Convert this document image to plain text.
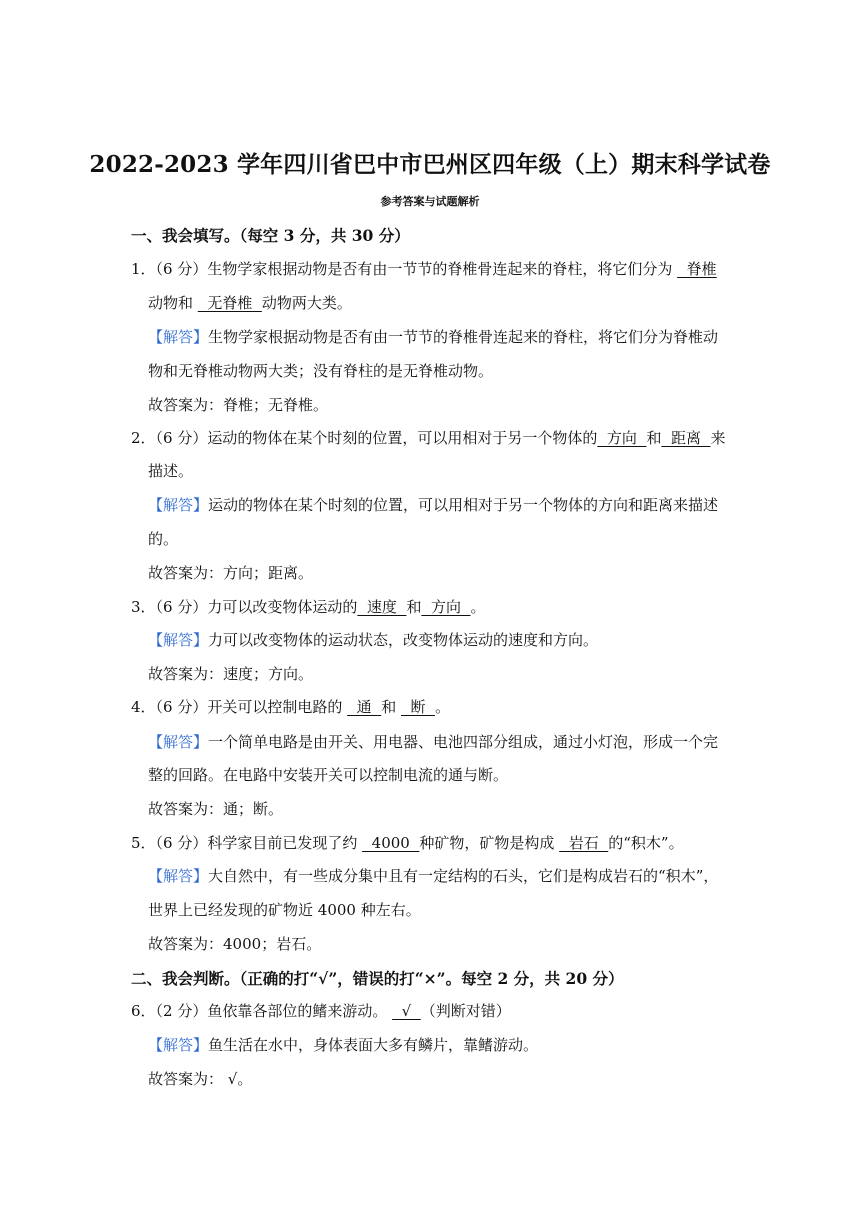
2022-2023 学年四川省巴中市巴州区四年级（上）期末科学试卷
参考答案与试题解析
一、我会填写。（每空 3 分，共 30 分）
1．（6 分）生物学家根据动物是否有由一节节的脊椎骨连起来的脊柱，将它们分为   脊椎
动物和   无脊椎  动物两大类。
【解答】生物学家根据动物是否有由一节节的脊椎骨连起来的脊柱，将它们分为脊椎动
物和无脊椎动物两大类；没有脊柱的是无脊椎动物。
故答案为：脊椎；无脊椎。
2．（6 分）运动的物体在某个时刻的位置，可以用相对于另一个物体的  方向  和  距离  来
描述。
【解答】运动的物体在某个时刻的位置，可以用相对于另一个物体的方向和距离来描述
的。
故答案为：方向；距离。
3．（6 分）力可以改变物体运动的  速度  和  方向  。
【解答】力可以改变物体的运动状态，改变物体运动的速度和方向。
故答案为：速度；方向。
4．（6 分）开关可以控制电路的   通  和   断  。
【解答】一个简单电路是由开关、用电器、电池四部分组成，通过小灯泡，形成一个完
整的回路。在电路中安装开关可以控制电流的通与断。
故答案为：通；断。
5．（6 分）科学家目前已发现了约   4000  种矿物，矿物是构成   岩石  的“积木”。
【解答】大自然中，有一些成分集中且有一定结构的石头，它们是构成岩石的“积木”，
世界上已经发现的矿物近 4000 种左右。
故答案为：4000；岩石。
二、我会判断。（正确的打“√”，错误的打“×”。每空 2 分，共 20 分）
6．（2 分）鱼依靠各部位的鳍来游动。   √  （判断对错）
【解答】鱼生活在水中，身体表面大多有鳞片，靠鳍游动。
故答案为： √。
